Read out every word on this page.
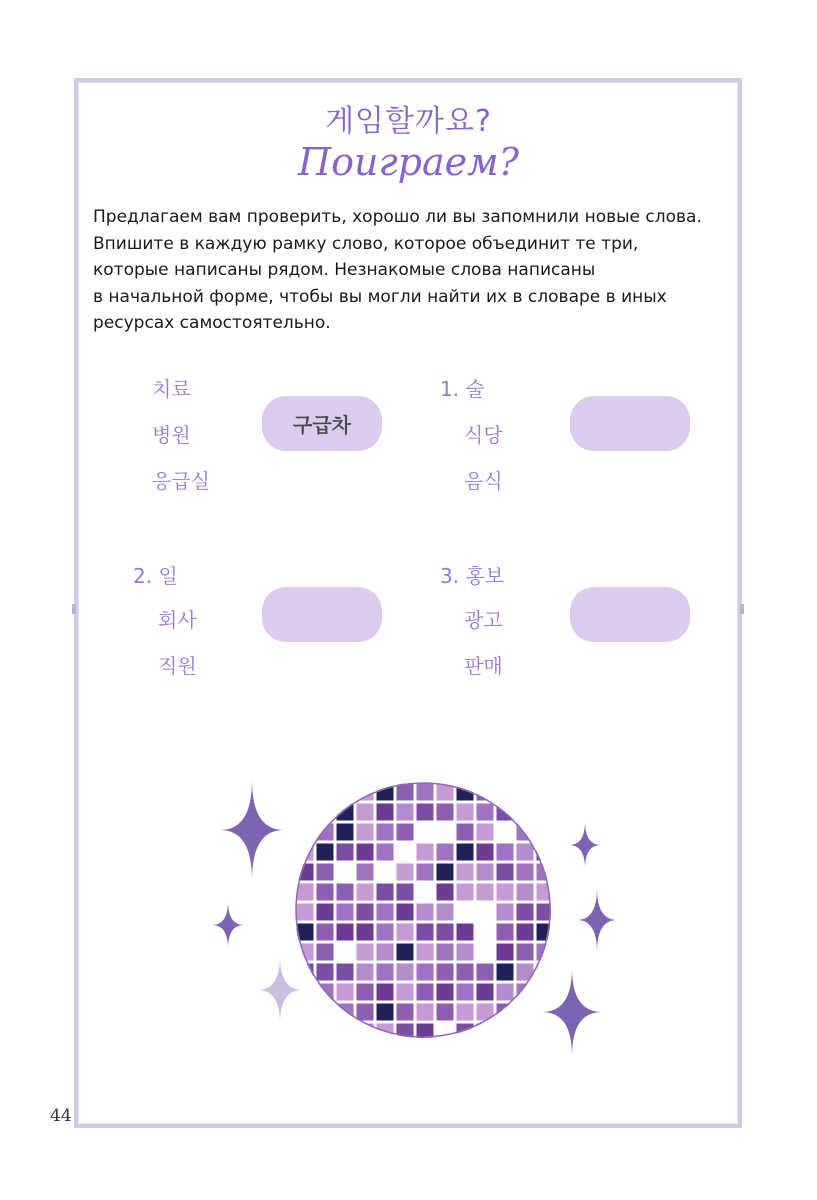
게임할까요?
Поиграем?
Предлагаем вам проверить, хорошо ли вы запомнили новые слова.
Впишите в каждую рамку слово, которое объединит те три,
которые написаны рядом. Незнакомые слова написаны
в начальной форме, чтобы вы могли найти их в словаре в иных
ресурсах самостоятельно.
치료
병원
응급실
구급차
1. 술
식당
음식
2. 일
회사
직원
3. 홍보
광고
판매
44
